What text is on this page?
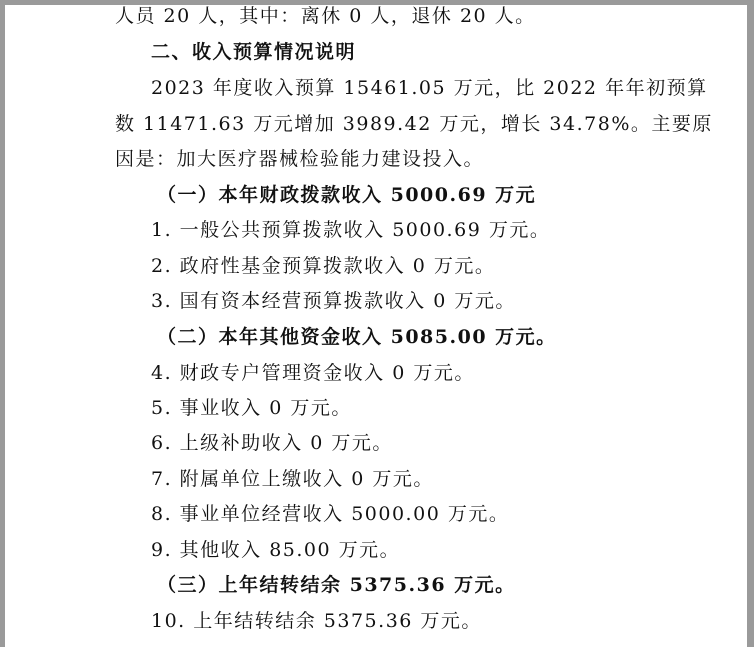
人员 20 人，其中：离休 0 人，退休 20 人。
二、收入预算情况说明
2023 年度收入预算 15461.05 万元，比 2022 年年初预算
数 11471.63 万元增加 3989.42 万元，增长 34.78%。主要原
因是：加大医疗器械检验能力建设投入。
（一）本年财政拨款收入 5000.69 万元
1. 一般公共预算拨款收入 5000.69 万元。
2. 政府性基金预算拨款收入 0 万元。
3. 国有资本经营预算拨款收入 0 万元。
（二）本年其他资金收入 5085.00 万元。
4. 财政专户管理资金收入 0 万元。
5. 事业收入 0 万元。
6. 上级补助收入 0 万元。
7. 附属单位上缴收入 0 万元。
8. 事业单位经营收入 5000.00 万元。
9. 其他收入 85.00 万元。
（三）上年结转结余 5375.36 万元。
10. 上年结转结余 5375.36 万元。
